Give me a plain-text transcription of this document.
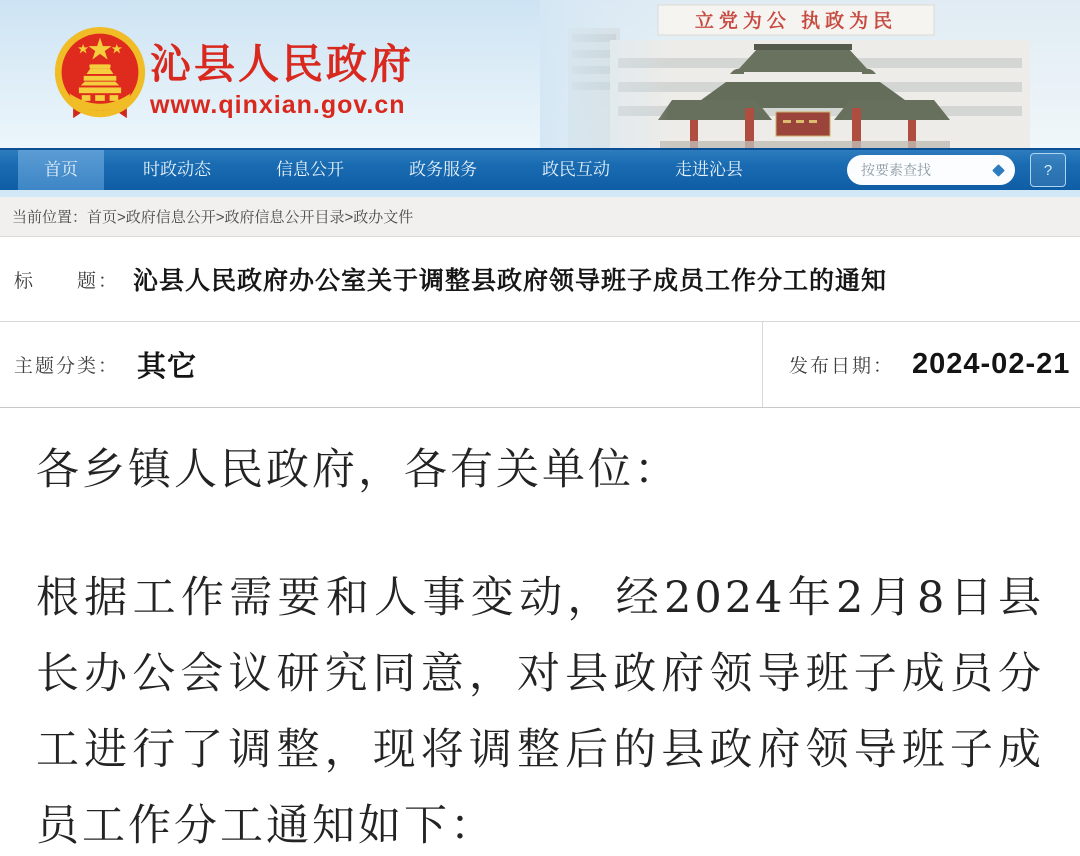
立党为公 执政为民
沁县人民政府
www.qinxian.gov.cn
首页	时政动态	信息公开	政务服务	政民互动	走进沁县	按要素查找	?
当前位置： 首页>政府信息公开>政府信息公开目录>政办文件
标　　题： 沁县人民政府办公室关于调整县政府领导班子成员工作分工的通知
主题分类： 其它	发布日期： 2024-02-21

各乡镇人民政府，各有关单位：

根据工作需要和人事变动，经2024年2月8日县长办公会议研究同意，对县政府领导班子成员分工进行了调整，现将调整后的县政府领导班子成员工作分工通知如下：
